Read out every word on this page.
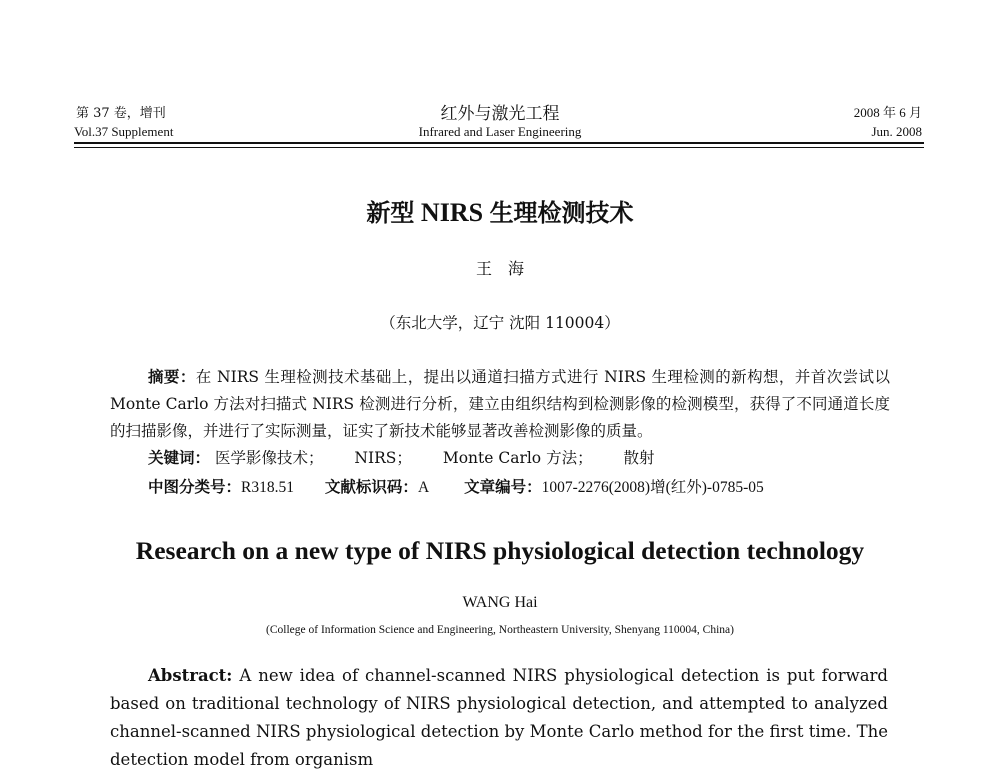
第 37 卷，增刊
Vol.37 Supplement
红外与激光工程
Infrared and Laser Engineering
2008 年 6 月
Jun. 2008
新型 NIRS 生理检测技术
王　海
（东北大学，辽宁 沈阳 110004）
摘要：在 NIRS 生理检测技术基础上，提出以通道扫描方式进行 NIRS 生理检测的新构想，并首次尝试以 Monte Carlo 方法对扫描式 NIRS 检测进行分析，建立由组织结构到检测影像的检测模型，获得了不同通道长度的扫描影像，并进行了实际测量，证实了新技术能够显著改善检测影像的质量。
关键词： 医学影像技术； NIRS； Monte Carlo 方法； 散射
中图分类号：R318.51 文献标识码：A 文章编号：1007-2276(2008)增(红外)-0785-05
Research on a new type of NIRS physiological detection technology
WANG Hai
(College of Information Science and Engineering, Northeastern University, Shenyang 110004, China)
Abstract: A new idea of channel-scanned NIRS physiological detection is put forward based on traditional technology of NIRS physiological detection, and attempted to analyzed channel-scanned NIRS physiological detection by Monte Carlo method for the first time. The detection model from organism
